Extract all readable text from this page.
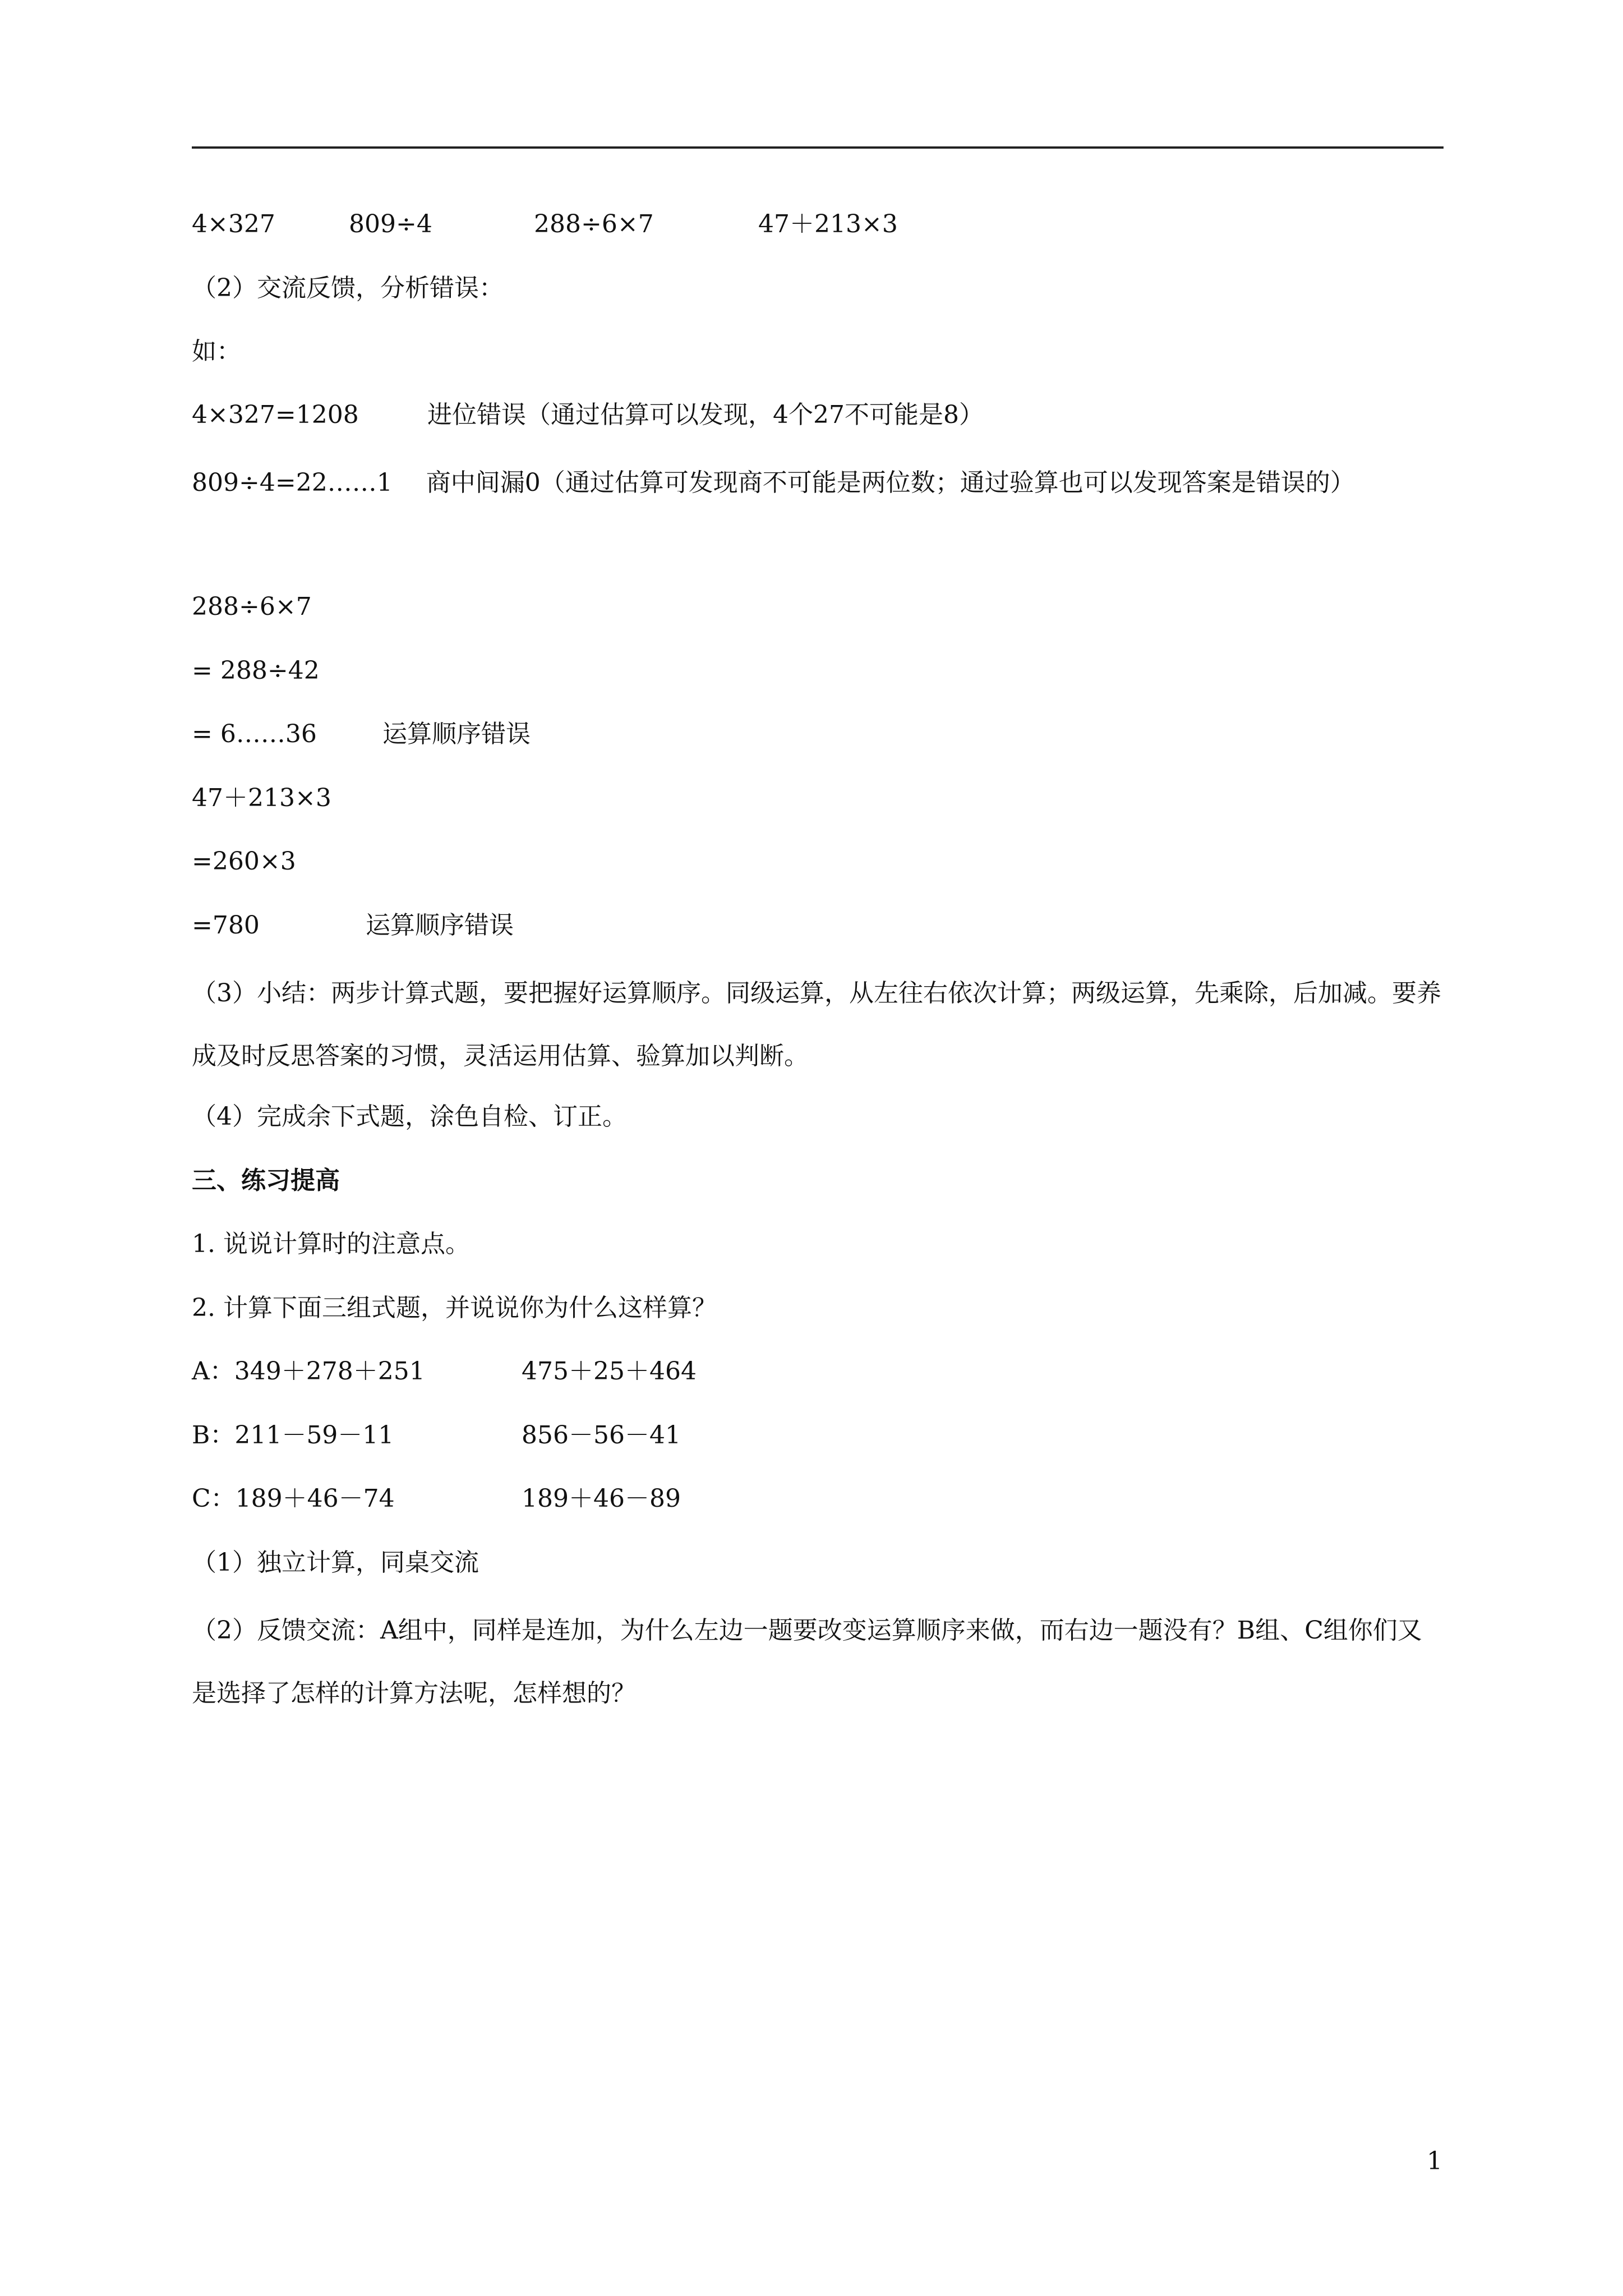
4×327	809÷4	288÷6×7	47＋213×3
（2）交流反馈，分析错误：
如：
4×327=1208	进位错误（通过估算可以发现，4个27不可能是8）
809÷4=22……1 商中间漏0（通过估算可发现商不可能是两位数；通过验算也可以发现答案是错误的）
288÷6×7
= 288÷42
= 6……36	运算顺序错误
47＋213×3
=260×3
=780	运算顺序错误
（3）小结：两步计算式题，要把握好运算顺序。同级运算，从左往右依次计算；两级运算，先乘除，后加减。要养成及时反思答案的习惯，灵活运用估算、验算加以判断。
（4）完成余下式题，涂色自检、订正。
三、练习提高
1. 说说计算时的注意点。
2. 计算下面三组式题，并说说你为什么这样算？
A：349＋278＋251	475＋25＋464
B：211－59－11	856－56－41
C：189＋46－74	189＋46－89
（1）独立计算，同桌交流
（2）反馈交流：A组中，同样是连加，为什么左边一题要改变运算顺序来做，而右边一题没有？B组、C组你们又是选择了怎样的计算方法呢，怎样想的？
1
